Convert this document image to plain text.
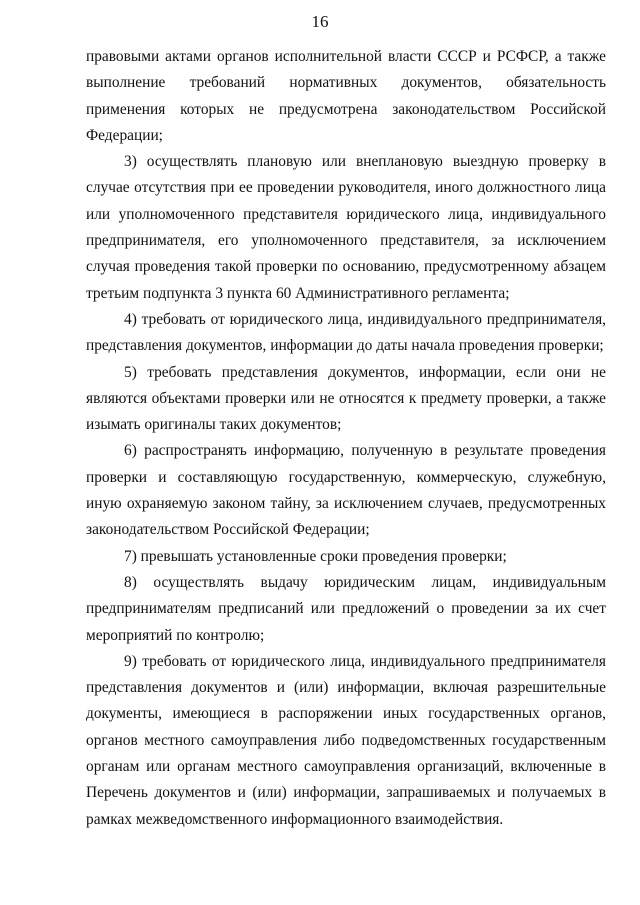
16

правовыми актами органов исполнительной власти СССР и РСФСР, а также выполнение требований нормативных документов, обязательность применения которых не предусмотрена законодательством Российской Федерации;

3) осуществлять плановую или внеплановую выездную проверку в случае отсутствия при ее проведении руководителя, иного должностного лица или уполномоченного представителя юридического лица, индивидуального предпринимателя, его уполномоченного представителя, за исключением случая проведения такой проверки по основанию, предусмотренному абзацем третьим подпункта 3 пункта 60 Административного регламента;

4) требовать от юридического лица, индивидуального предпринимателя, представления документов, информации до даты начала проведения проверки;

5) требовать представления документов, информации, если они не являются объектами проверки или не относятся к предмету проверки, а также изымать оригиналы таких документов;

6) распространять информацию, полученную в результате проведения проверки и составляющую государственную, коммерческую, служебную, иную охраняемую законом тайну, за исключением случаев, предусмотренных законодательством Российской Федерации;

7) превышать установленные сроки проведения проверки;

8) осуществлять выдачу юридическим лицам, индивидуальным предпринимателям предписаний или предложений о проведении за их счет мероприятий по контролю;

9) требовать от юридического лица, индивидуального предпринимателя представления документов и (или) информации, включая разрешительные документы, имеющиеся в распоряжении иных государственных органов, органов местного самоуправления либо подведомственных государственным органам или органам местного самоуправления организаций, включенные в Перечень документов и (или) информации, запрашиваемых и получаемых в рамках межведомственного информационного взаимодействия.
